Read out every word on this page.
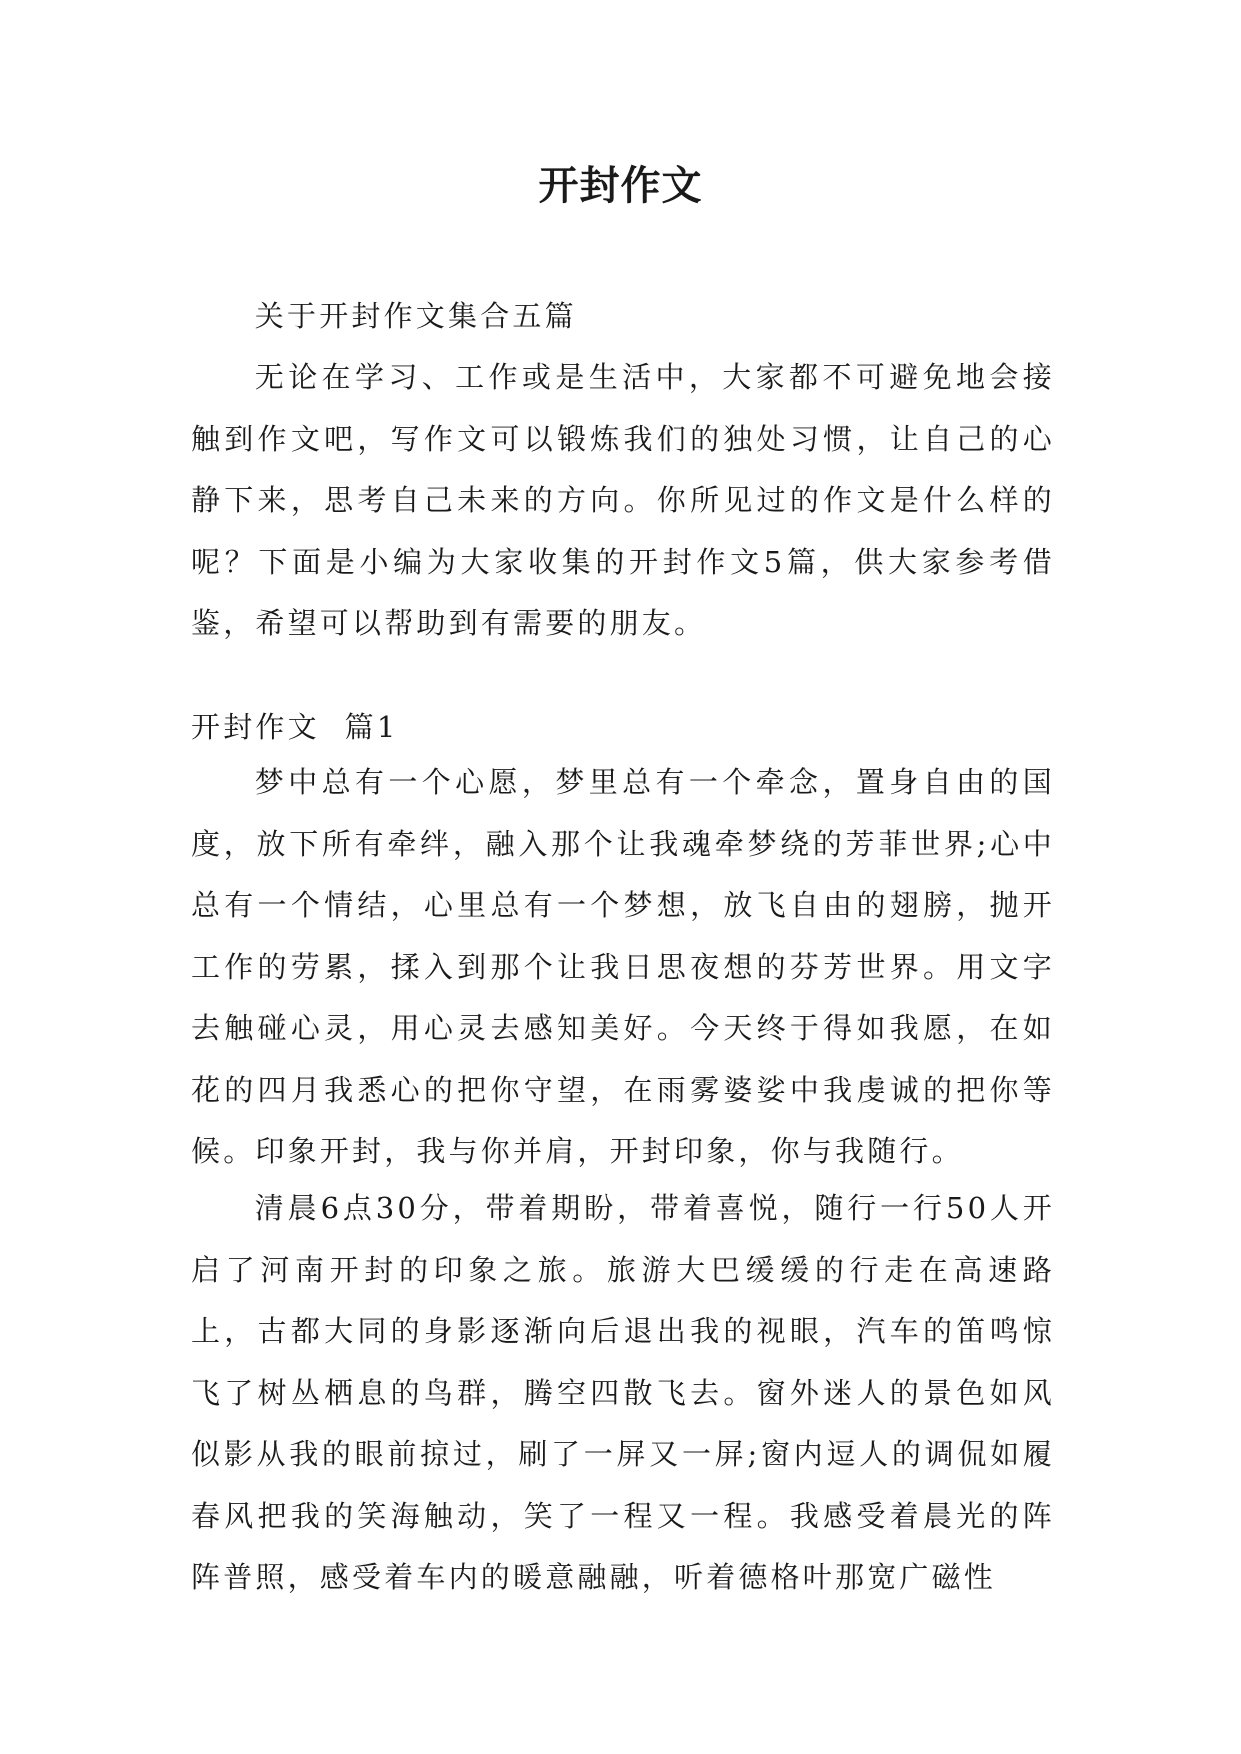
开封作文

关于开封作文集合五篇

无论在学习、工作或是生活中，大家都不可避免地会接触到作文吧，写作文可以锻炼我们的独处习惯，让自己的心静下来，思考自己未来的方向。你所见过的作文是什么样的呢？下面是小编为大家收集的开封作文5篇，供大家参考借鉴，希望可以帮助到有需要的朋友。

开封作文  篇1

梦中总有一个心愿，梦里总有一个牵念，置身自由的国度，放下所有牵绊，融入那个让我魂牵梦绕的芳菲世界;心中总有一个情结，心里总有一个梦想，放飞自由的翅膀，抛开工作的劳累，揉入到那个让我日思夜想的芬芳世界。用文字去触碰心灵，用心灵去感知美好。今天终于得如我愿，在如花的四月我悉心的把你守望，在雨雾婆娑中我虔诚的把你等候。印象开封，我与你并肩，开封印象，你与我随行。

清晨6点30分，带着期盼，带着喜悦，随行一行50人开启了河南开封的印象之旅。旅游大巴缓缓的行走在高速路上，古都大同的身影逐渐向后退出我的视眼，汽车的笛鸣惊飞了树丛栖息的鸟群，腾空四散飞去。窗外迷人的景色如风似影从我的眼前掠过，刷了一屏又一屏;窗内逗人的调侃如履春风把我的笑海触动，笑了一程又一程。我感受着晨光的阵阵普照，感受着车内的暖意融融，听着德格叶那宽广磁性
